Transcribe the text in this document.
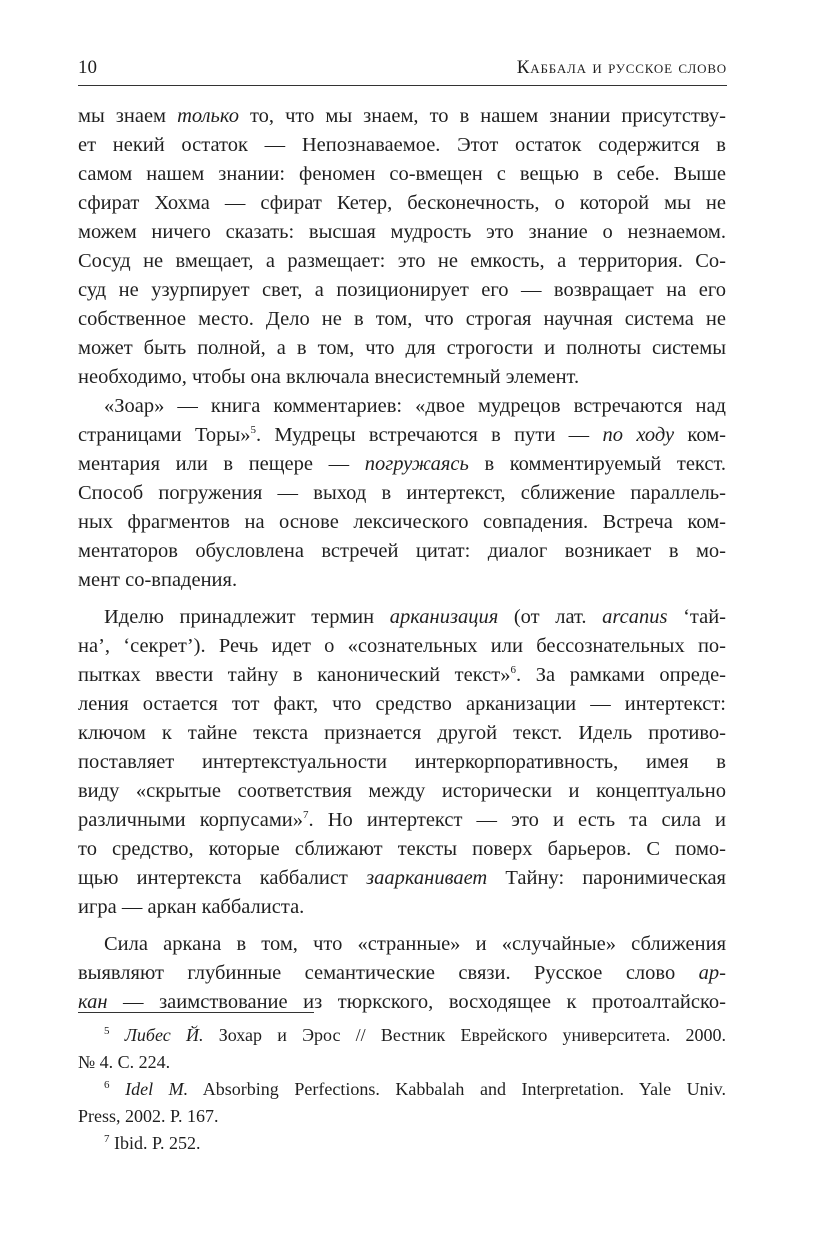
10	Каббала и русское слово
мы знаем только то, что мы знаем, то в нашем знании присутству-
ет некий остаток — Непознаваемое. Этот остаток содержится в
самом нашем знании: феномен со-вмещен с вещью в себе. Выше
сфират Хохма — сфират Кетер, бесконечность, о которой мы не
можем ничего сказать: высшая мудрость это знание о незнаемом.
Сосуд не вмещает, а размещает: это не емкость, а территория. Со-
суд не узурпирует свет, а позиционирует его — возвращает на его
собственное место. Дело не в том, что строгая научная система не
может быть полной, а в том, что для строгости и полноты системы
необходимо, чтобы она включала внесистемный элемент.
«Зоар» — книга комментариев: «двое мудрецов встречаются над
страницами Торы»$^5$. Мудрецы встречаются в пути — по ходу ком-
ментария или в пещере — погружаясь в комментируемый текст.
Способ погружения — выход в интертекст, сближение параллель-
ных фрагментов на основе лексического совпадения. Встреча ком-
ментаторов обусловлена встречей цитат: диалог возникает в мо-
мент со-впадения.
Иделю принадлежит термин арканизация (от лат. arcanus ‘тай-
на’, ‘секрет’). Речь идет о «сознательных или бессознательных по-
пытках ввести тайну в канонический текст»$^6$. За рамками опреде-
ления остается тот факт, что средство арканизации — интертекст:
ключом к тайне текста признается другой текст. Идель противо-
поставляет интертекстуальности интеркорпоративность, имея в
виду «скрытые соответствия между исторически и концептуально
различными корпусами»$^7$. Но интертекст — это и есть та сила и
то средство, которые сближают тексты поверх барьеров. С помо-
щью интертекста каббалист заарканивает Тайну: паронимическая
игра — аркан каббалиста.
Сила аркана в том, что «странные» и «случайные» сближения
выявляют глубинные семантические связи. Русское слово ар-
кан — заимствование из тюркского, восходящее к протоалтайско-
$^5$ Либес Й. Зохар и Эрос // Вестник Еврейского университета. 2000.
№ 4. С. 224.
$^6$ Idel M. Absorbing Perfections. Kabbalah and Interpretation. Yale Univ.
Press, 2002. P. 167.
$^7$ Ibid. P. 252.
